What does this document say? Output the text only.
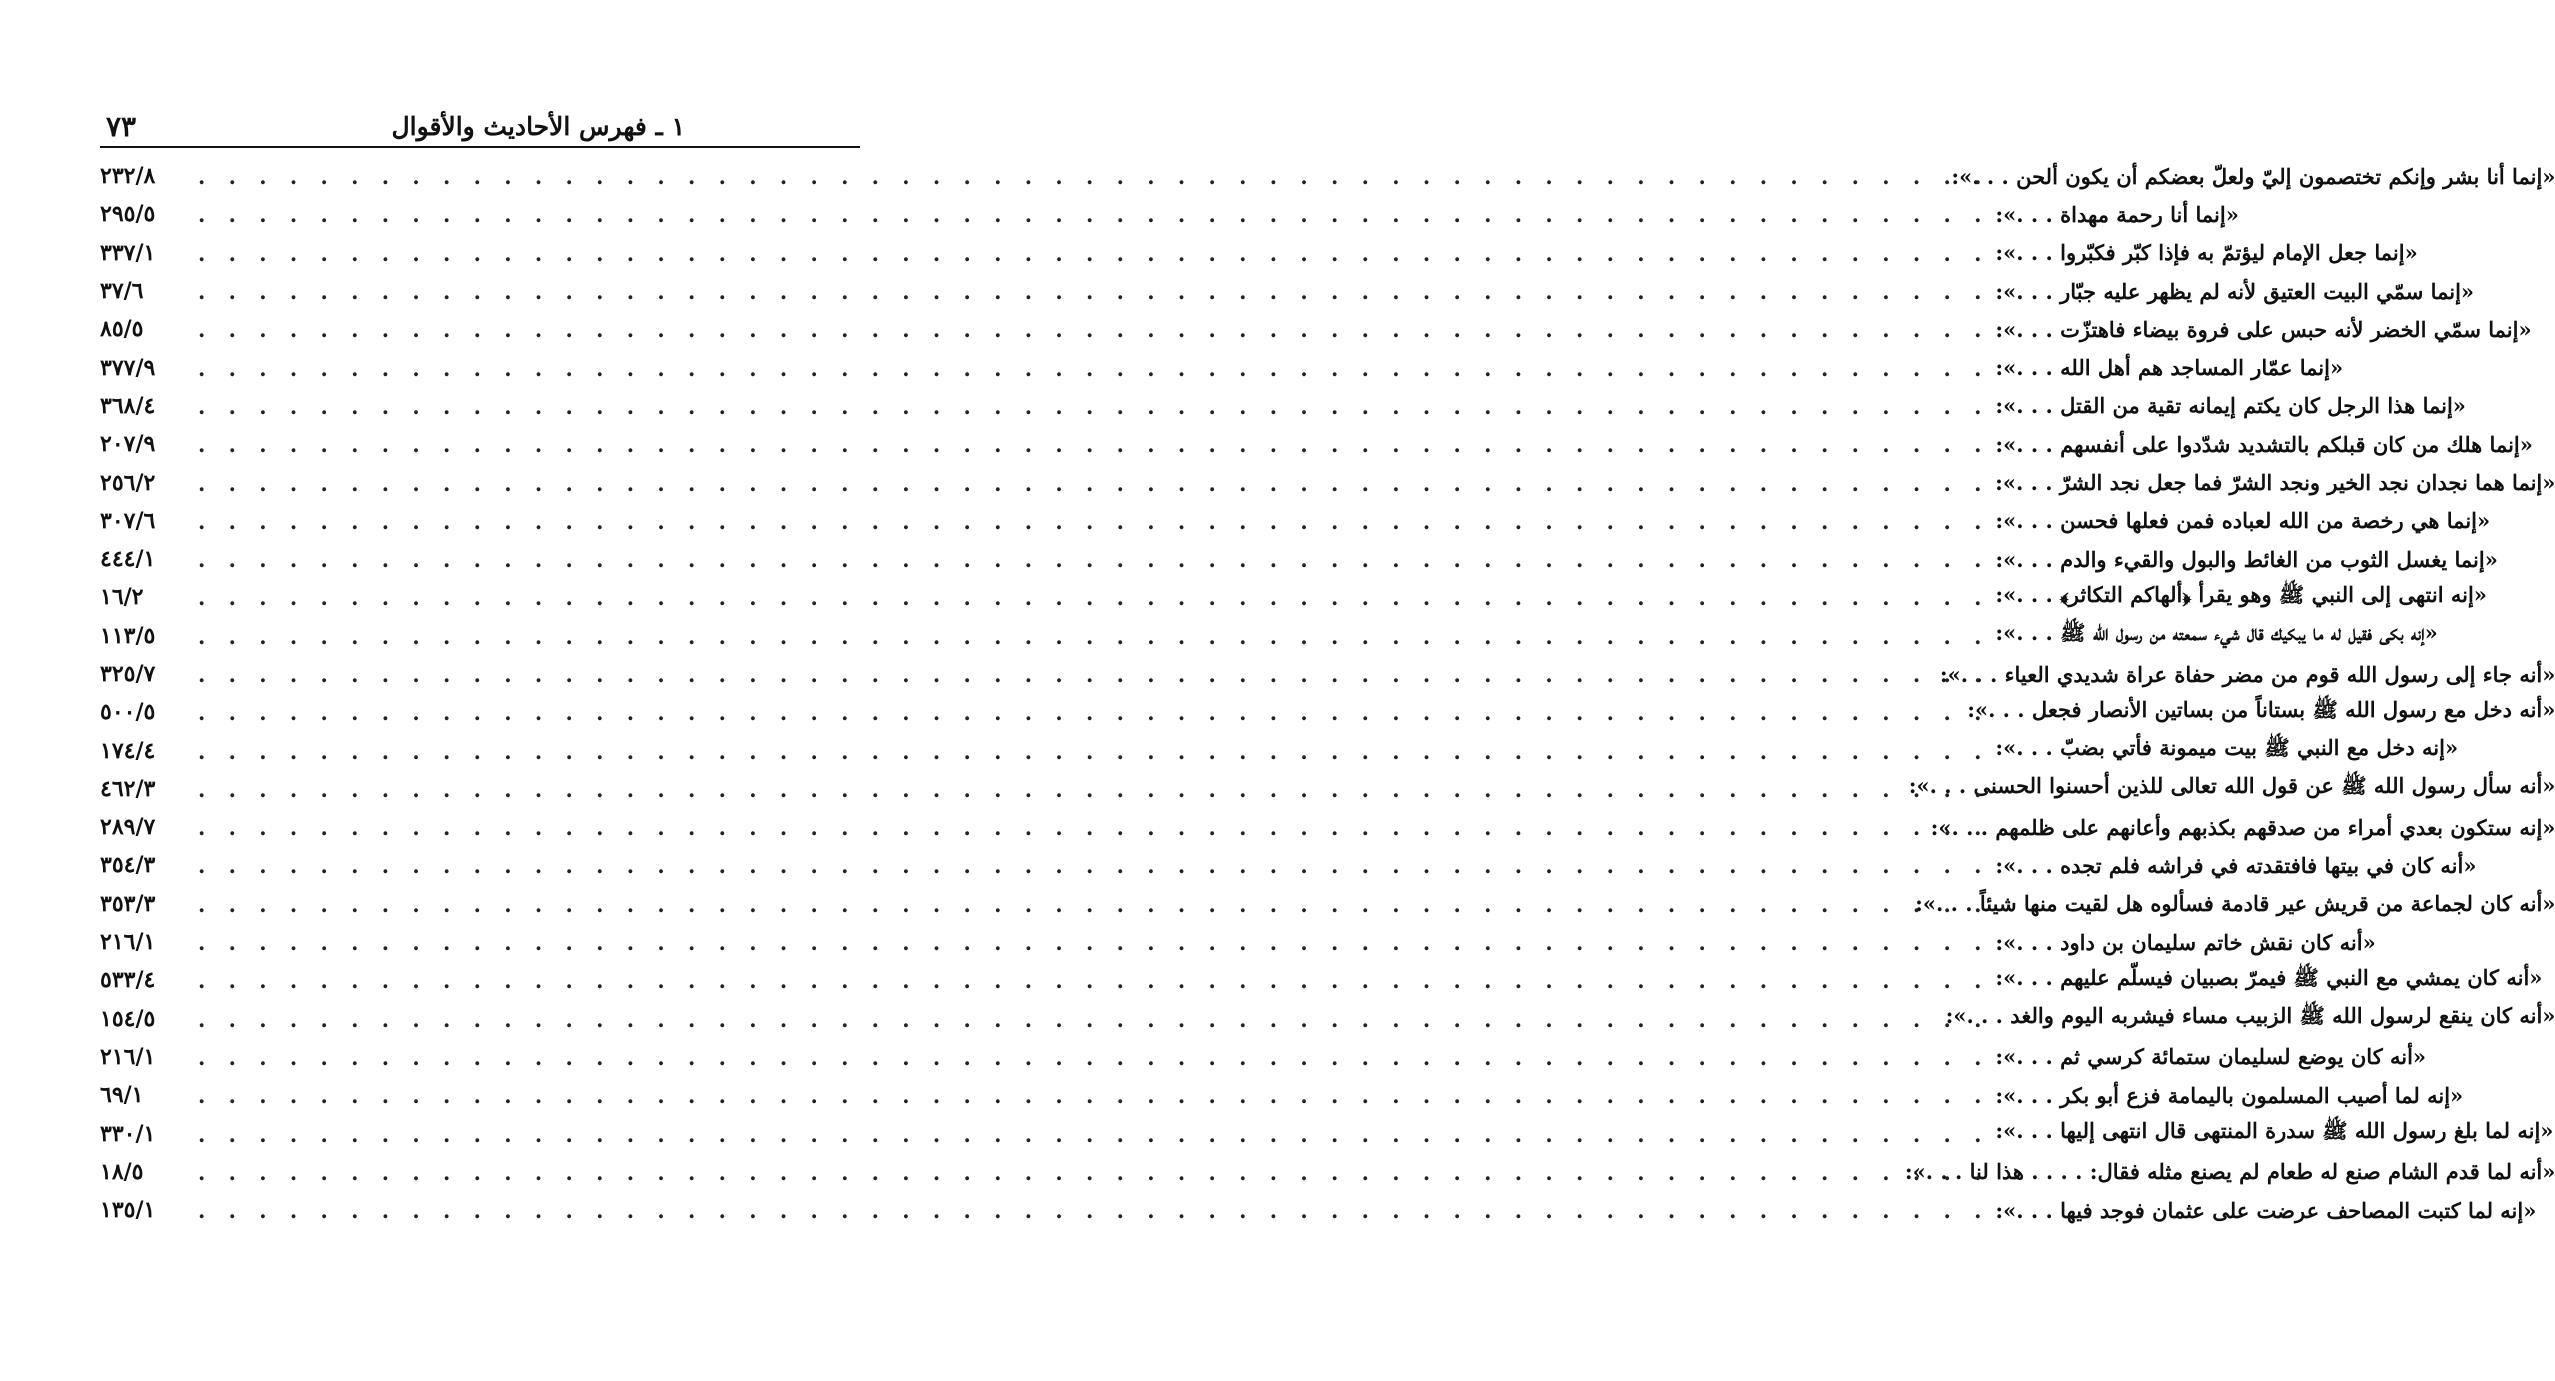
١ ـ فهرس الأحاديث والأقوال
٧٣
٢٣٢/٨ . . .	«إنما أنا بشر وإنكم تختصمون إليّ ولعلّ بعضكم أن يكون ألحن . . .»:
٢٩٥/٥ . . .	«إنما أنا رحمة مهداة . . .»:
٣٣٧/١ . . .	«إنما جعل الإمام ليؤتمّ به فإذا كبّر فكبّروا . . .»:
٣٧/٦ . . .	«إنما سمّي البيت العتيق لأنه لم يظهر عليه جبّار . . .»:
٨٥/٥ . . .	«إنما سمّي الخضر لأنه حبس على فروة بيضاء فاهتزّت . . .»:
٣٧٧/٩ . . .	«إنما عمّار المساجد هم أهل الله . . .»:
٣٦٨/٤ . . .	«إنما هذا الرجل كان يكتم إيمانه تقية من القتل . . .»:
٢٠٧/٩ . . .	«إنما هلك من كان قبلكم بالتشديد شدّدوا على أنفسهم . . .»:
٢٥٦/٢ . . .	«إنما هما نجدان نجد الخير ونجد الشرّ فما جعل نجد الشرّ . . .»:
٣٠٧/٦ . . .	«إنما هي رخصة من الله لعباده فمن فعلها فحسن . . .»:
٤٤٤/١ . . .	«إنما يغسل الثوب من الغائط والبول والقيء والدم . . .»:
١٦/٢ . . .	«إنه انتهى إلى النبي ﷺ وهو يقرأ ﴿ألهاكم التكاثر﴾ . . .»:
١١٣/٥ . . .	«إنه بكى فقيل له ما يبكيك قال شيء سمعته من رسول الله ﷺ . . .»:
٣٢٥/٧ . . .	«أنه جاء إلى رسول الله قوم من مضر حفاة عراة شديدي العياء . . .»:
٥٠٠/٥ . . .	«أنه دخل مع رسول الله ﷺ بستاناً من بساتين الأنصار فجعل . . .»:
١٧٤/٤ . . .	«إنه دخل مع النبي ﷺ بيت ميمونة فأتي بضبّ . . .»:
٤٦٢/٣ . . .	«أنه سأل رسول الله ﷺ عن قول الله تعالى للذين أحسنوا الحسنى . . .»:
٢٨٩/٧ . . .	«إنه ستكون بعدي أمراء من صدقهم بكذبهم وأعانهم على ظلمهم . . .»:
٣٥٤/٣ . . .	«أنه كان في بيتها فافتقدته في فراشه فلم تجده . . .»:
٣٥٣/٣ . . .	«أنه كان لجماعة من قريش عير قادمة فسألوه هل لقيت منها شيئاً . . .»:
٢١٦/١ . . .	«أنه كان نقش خاتم سليمان بن داود . . .»:
٥٣٣/٤ . . .	«أنه كان يمشي مع النبي ﷺ فيمرّ بصبيان فيسلّم عليهم . . .»:
١٥٤/٥ . . .	«أنه كان ينقع لرسول الله ﷺ الزبيب مساء فيشربه اليوم والغد . . .»:
٢١٦/١ . . .	«أنه كان يوضع لسليمان ستمائة كرسي ثم . . .»:
٦٩/١ . . .	«إنه لما أصيب المسلمون باليمامة فزع أبو بكر . . .»:
٣٣٠/١ . . .	«إنه لما بلغ رسول الله ﷺ سدرة المنتهى قال انتهى إليها . . .»:
١٨/٥ . . .	«أنه لما قدم الشام صنع له طعام لم يصنع مثله فقال: . . . . هذا لنا . . .»:
١٣٥/١ . . .	«إنه لما كتبت المصاحف عرضت على عثمان فوجد فيها . . .»:
